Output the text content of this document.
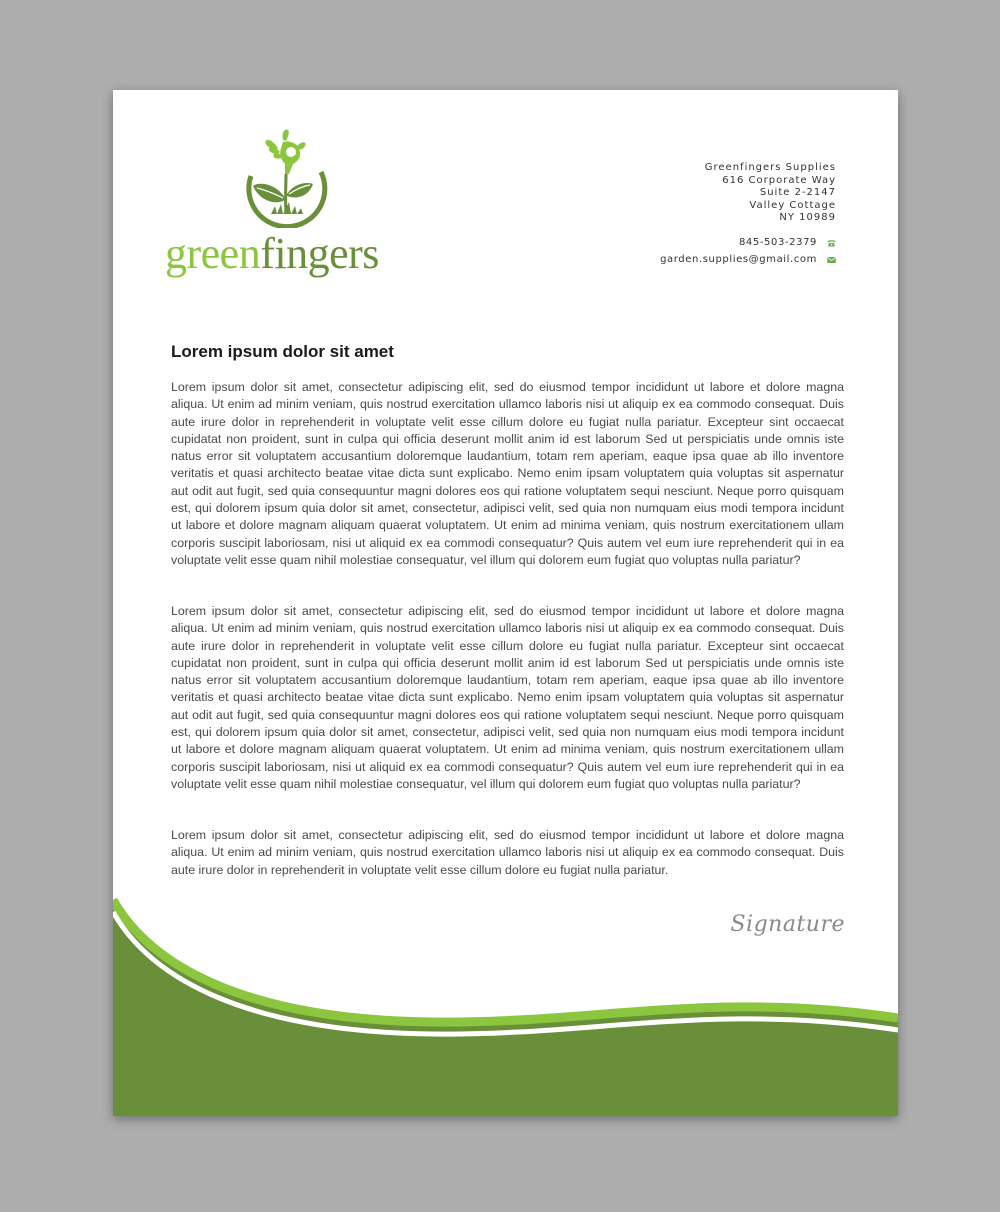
greenfingers
Greenfingers Supplies
616 Corporate Way
Suite 2-2147
Valley Cottage
NY 10989
845-503-2379
garden.supplies@gmail.com
Lorem ipsum dolor sit amet

Lorem ipsum dolor sit amet, consectetur adipiscing elit, sed do eiusmod tempor incididunt ut labore et dolore magna aliqua. Ut enim ad minim veniam, quis nostrud exercitation ullamco laboris nisi ut aliquip ex ea commodo consequat. Duis aute irure dolor in reprehenderit in voluptate velit esse cillum dolore eu fugiat nulla pariatur. Excepteur sint occaecat cupidatat non proident, sunt in culpa qui officia deserunt mollit anim id est laborum Sed ut perspiciatis unde omnis iste natus error sit voluptatem accusantium doloremque laudantium, totam rem aperiam, eaque ipsa quae ab illo inventore veritatis et quasi architecto beatae vitae dicta sunt explicabo. Nemo enim ipsam voluptatem quia voluptas sit aspernatur aut odit aut fugit, sed quia consequuntur magni dolores eos qui ratione voluptatem sequi nesciunt. Neque porro quisquam est, qui dolorem ipsum quia dolor sit amet, consectetur, adipisci velit, sed quia non numquam eius modi tempora incidunt ut labore et dolore magnam aliquam quaerat voluptatem. Ut enim ad minima veniam, quis nostrum exercitationem ullam corporis suscipit laboriosam, nisi ut aliquid ex ea commodi consequatur? Quis autem vel eum iure reprehenderit qui in ea voluptate velit esse quam nihil molestiae consequatur, vel illum qui dolorem eum fugiat quo voluptas nulla pariatur?

Lorem ipsum dolor sit amet, consectetur adipiscing elit, sed do eiusmod tempor incididunt ut labore et dolore magna aliqua. Ut enim ad minim veniam, quis nostrud exercitation ullamco laboris nisi ut aliquip ex ea commodo consequat. Duis aute irure dolor in reprehenderit in voluptate velit esse cillum dolore eu fugiat nulla pariatur. Excepteur sint occaecat cupidatat non proident, sunt in culpa qui officia deserunt mollit anim id est laborum Sed ut perspiciatis unde omnis iste natus error sit voluptatem accusantium doloremque laudantium, totam rem aperiam, eaque ipsa quae ab illo inventore veritatis et quasi architecto beatae vitae dicta sunt explicabo. Nemo enim ipsam voluptatem quia voluptas sit aspernatur aut odit aut fugit, sed quia consequuntur magni dolores eos qui ratione voluptatem sequi nesciunt. Neque porro quisquam est, qui dolorem ipsum quia dolor sit amet, consectetur, adipisci velit, sed quia non numquam eius modi tempora incidunt ut labore et dolore magnam aliquam quaerat voluptatem. Ut enim ad minima veniam, quis nostrum exercitationem ullam corporis suscipit laboriosam, nisi ut aliquid ex ea commodi consequatur? Quis autem vel eum iure reprehenderit qui in ea voluptate velit esse quam nihil molestiae consequatur, vel illum qui dolorem eum fugiat quo voluptas nulla pariatur?

Lorem ipsum dolor sit amet, consectetur adipiscing elit, sed do eiusmod tempor incididunt ut labore et dolore magna aliqua. Ut enim ad minim veniam, quis nostrud exercitation ullamco laboris nisi ut aliquip ex ea commodo consequat. Duis aute irure dolor in reprehenderit in voluptate velit esse cillum dolore eu fugiat nulla pariatur.

Signature
